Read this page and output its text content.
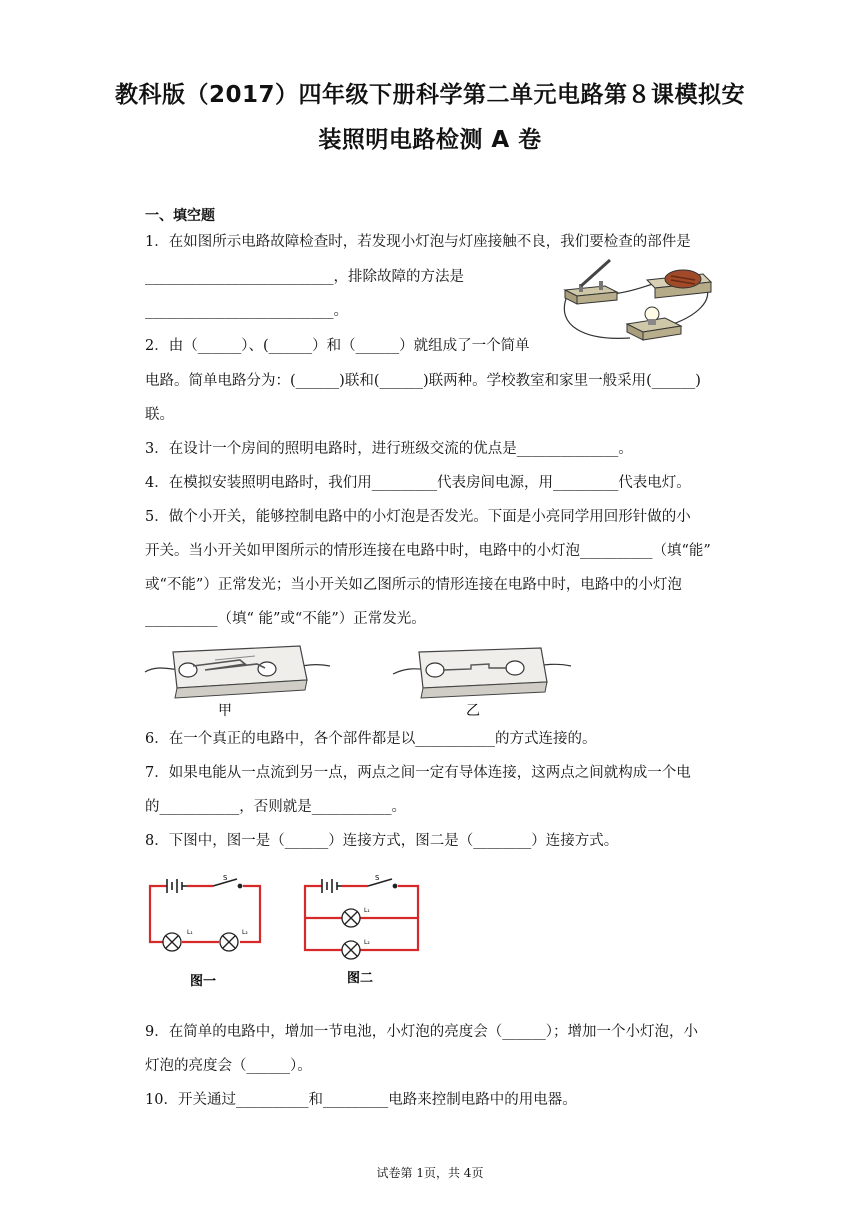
教科版（2017）四年级下册科学第二单元电路第８课模拟安
装照明电路检测 A 卷
一、填空题
1．在如图所示电路故障检查时，若发现小灯泡与灯座接触不良，我们要检查的部件是
__________________________，排除故障的方法是
__________________________。
2．由（______）、(______）和（______）就组成了一个简单
电路。简单电路分为：(______)联和(______)联两种。学校教室和家里一般采用(______)
联。
3．在设计一个房间的照明电路时，进行班级交流的优点是______________。
4．在模拟安装照明电路时，我们用_________代表房间电源，用_________代表电灯。
5．做个小开关，能够控制电路中的小灯泡是否发光。下面是小亮同学用回形针做的小
开关。当小开关如甲图所示的情形连接在电路中时，电路中的小灯泡__________（填“能”
或“不能”）正常发光；当小开关如乙图所示的情形连接在电路中时，电路中的小灯泡
__________（填“ 能”或“不能”）正常发光。
甲	乙
6．在一个真正的电路中，各个部件都是以___________的方式连接的。
7．如果电能从一点流到另一点，两点之间一定有导体连接，这两点之间就构成一个电
的___________，否则就是___________。
8．下图中，图一是（______）连接方式，图二是（________）连接方式。
S
L₁	L₂
图一
S
L₁
L₂
图二
9．在简单的电路中，增加一节电池，小灯泡的亮度会（______）；增加一个小灯泡，小
灯泡的亮度会（______）。
10．开关通过__________和_________电路来控制电路中的用电器。
试卷第 1页，共 4页
